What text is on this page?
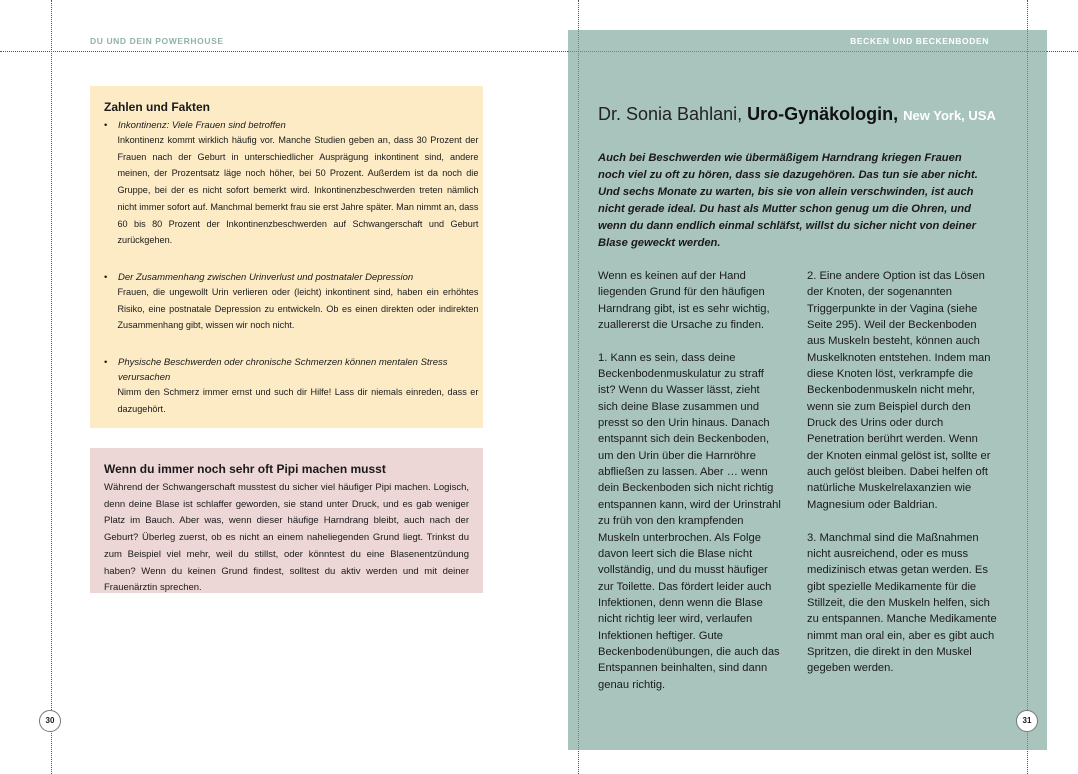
DU UND DEIN POWERHOUSE	BECKEN UND BECKENBODEN
Zahlen und Fakten
• Inkontinenz: Viele Frauen sind betroffen
Inkontinenz kommt wirklich häufig vor. Manche Studien geben an, dass 30 Prozent der Frauen nach der Geburt in unterschiedlicher Ausprägung inkontinent sind, andere meinen, der Prozentsatz läge noch höher, bei 50 Prozent. Außerdem ist da noch die Gruppe, bei der es nicht sofort bemerkt wird. Inkontinenzbeschwerden treten nämlich nicht immer sofort auf. Manchmal bemerkt frau sie erst Jahre später. Man nimmt an, dass 60 bis 80 Prozent der Inkontinenzbeschwerden auf Schwangerschaft und Geburt zurückgehen.
• Der Zusammenhang zwischen Urinverlust und postnataler Depression
Frauen, die ungewollt Urin verlieren oder (leicht) inkontinent sind, haben ein erhöhtes Risiko, eine postnatale Depression zu entwickeln. Ob es einen direkten oder indirekten Zusammenhang gibt, wissen wir noch nicht.
• Physische Beschwerden oder chronische Schmerzen können mentalen Stress verursachen
Nimm den Schmerz immer ernst und such dir Hilfe! Lass dir niemals einreden, dass er dazugehört.
Wenn du immer noch sehr oft Pipi machen musst
Während der Schwangerschaft musstest du sicher viel häufiger Pipi machen. Logisch, denn deine Blase ist schlaffer geworden, sie stand unter Druck, und es gab weniger Platz im Bauch. Aber was, wenn dieser häufige Harndrang bleibt, auch nach der Geburt? Überleg zuerst, ob es nicht an einem naheliegenden Grund liegt. Trinkst du zum Beispiel viel mehr, weil du stillst, oder könntest du eine Blasenentzündung haben? Wenn du keinen Grund findest, solltest du aktiv werden und mit deiner Frauenärztin sprechen.
Dr. Sonia Bahlani, Uro-Gynäkologin, New York, USA
Auch bei Beschwerden wie übermäßigem Harndrang kriegen Frauen noch viel zu oft zu hören, dass sie dazugehören. Das tun sie aber nicht. Und sechs Monate zu warten, bis sie von allein verschwinden, ist auch nicht gerade ideal. Du hast als Mutter schon genug um die Ohren, und wenn du dann endlich einmal schläfst, willst du sicher nicht von deiner Blase geweckt werden.

Wenn es keinen auf der Hand liegenden Grund für den häufigen Harndrang gibt, ist es sehr wichtig, zuallererst die Ursache zu finden.

1. Kann es sein, dass deine Beckenbodenmuskulatur zu straff ist? Wenn du Wasser lässt, zieht sich deine Blase zusammen und presst so den Urin hinaus. Danach entspannt sich dein Beckenboden, um den Urin über die Harnröhre abfließen zu lassen. Aber … wenn dein Beckenboden sich nicht richtig entspannen kann, wird der Urinstrahl zu früh von den krampfenden Muskeln unterbrochen. Als Folge davon leert sich die Blase nicht vollständig, und du musst häufiger zur Toilette. Das fördert leider auch Infektionen, denn wenn die Blase nicht richtig leer wird, verlaufen Infektionen heftiger. Gute Beckenbodenübungen, die auch das Entspannen beinhalten, sind dann genau richtig.

2. Eine andere Option ist das Lösen der Knoten, der sogenannten Triggerpunkte in der Vagina (siehe Seite 295). Weil der Beckenboden aus Muskeln besteht, können auch Muskelknoten entstehen. Indem man diese Knoten löst, verkrampfe die Beckenbodenmuskeln nicht mehr, wenn sie zum Beispiel durch den Druck des Urins oder durch Penetration berührt werden. Wenn der Knoten einmal gelöst ist, sollte er auch gelöst bleiben. Dabei helfen oft natürliche Muskelrelaxanzien wie Magnesium oder Baldrian.

3. Manchmal sind die Maßnahmen nicht ausreichend, oder es muss medizinisch etwas getan werden. Es gibt spezielle Medikamente für die Stillzeit, die den Muskeln helfen, sich zu entspannen. Manche Medikamente nimmt man oral ein, aber es gibt auch Spritzen, die direkt in den Muskel gegeben werden.

30	31
